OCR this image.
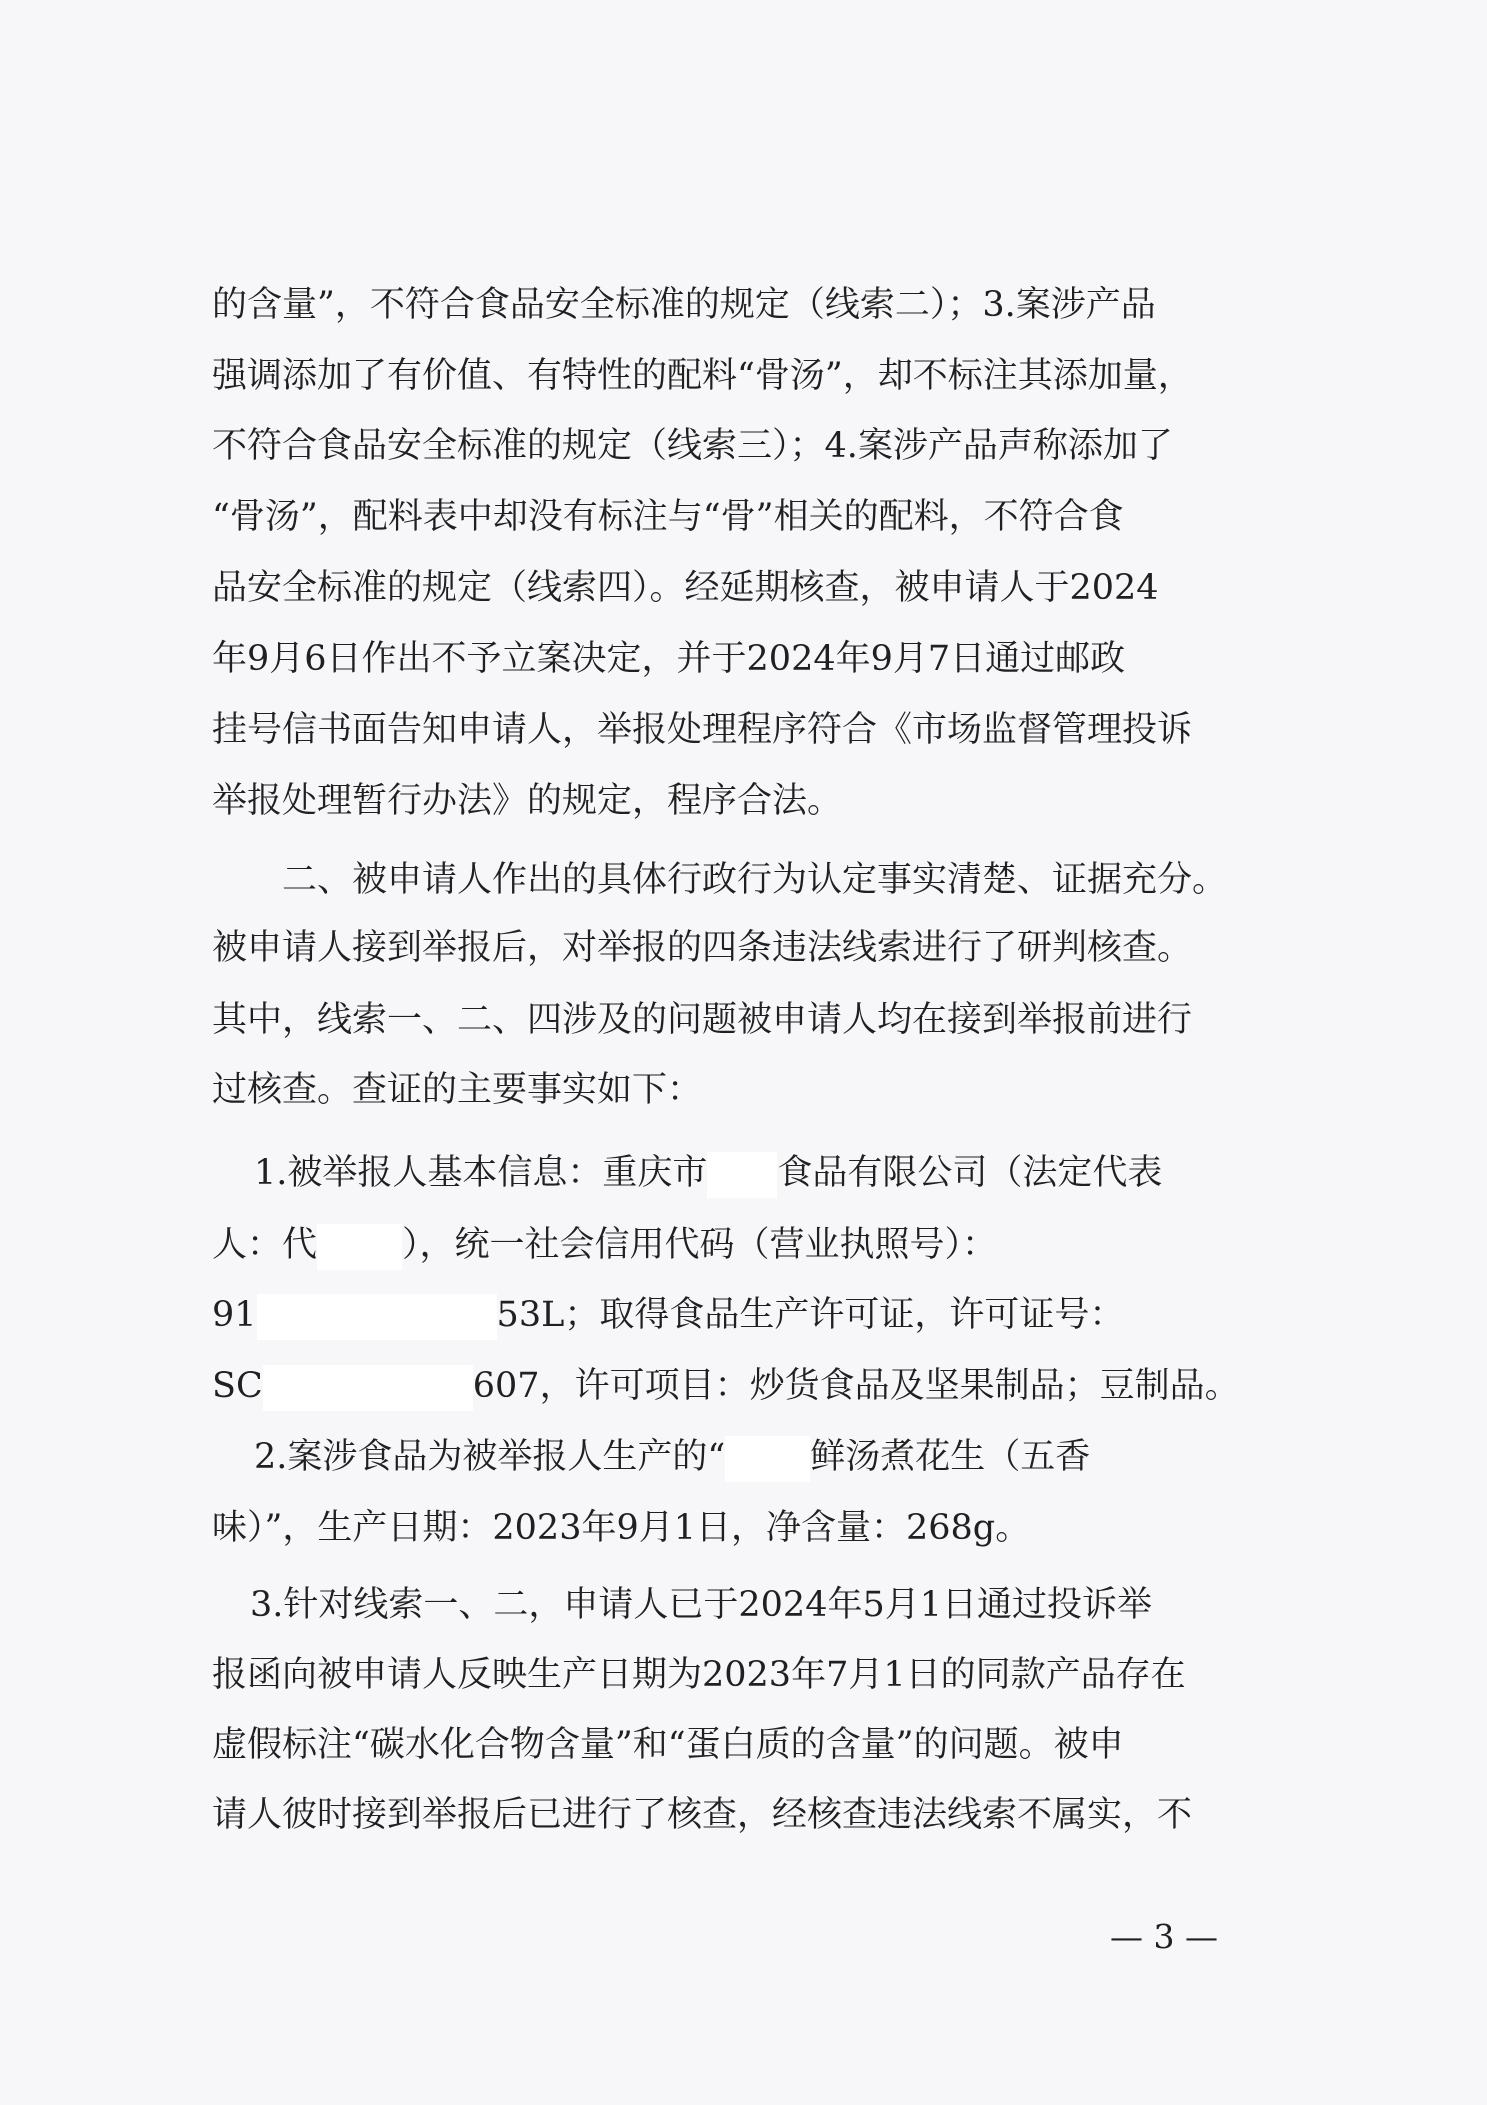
的含量”，不符合食品安全标准的规定（线索二）；3.案涉产品
强调添加了有价值、有特性的配料“骨汤”，却不标注其添加量，
不符合食品安全标准的规定（线索三）；4.案涉产品声称添加了
“骨汤”，配料表中却没有标注与“骨”相关的配料，不符合食
品安全标准的规定（线索四）。经延期核查，被申请人于2024
年9月6日作出不予立案决定，并于2024年9月7日通过邮政
挂号信书面告知申请人，举报处理程序符合《市场监督管理投诉
举报处理暂行办法》的规定，程序合法。
二、被申请人作出的具体行政行为认定事实清楚、证据充分。
被申请人接到举报后，对举报的四条违法线索进行了研判核查。
其中，线索一、二、四涉及的问题被申请人均在接到举报前进行
过核查。查证的主要事实如下：
1.被举报人基本信息：重庆市 食品有限公司（法定代表
人：代 ），统一社会信用代码（营业执照号）：
91	53L；取得食品生产许可证，许可证号：
SC	607，许可项目：炒货食品及坚果制品；豆制品。
2.案涉食品为被举报人生产的“ 鲜汤煮花生（五香
味）”，生产日期：2023年9月1日，净含量：268g。
3.针对线索一、二，申请人已于2024年5月1日通过投诉举
报函向被申请人反映生产日期为2023年7月1日的同款产品存在
虚假标注“碳水化合物含量”和“蛋白质的含量”的问题。被申
请人彼时接到举报后已进行了核查，经核查违法线索不属实，不
— 3 —
